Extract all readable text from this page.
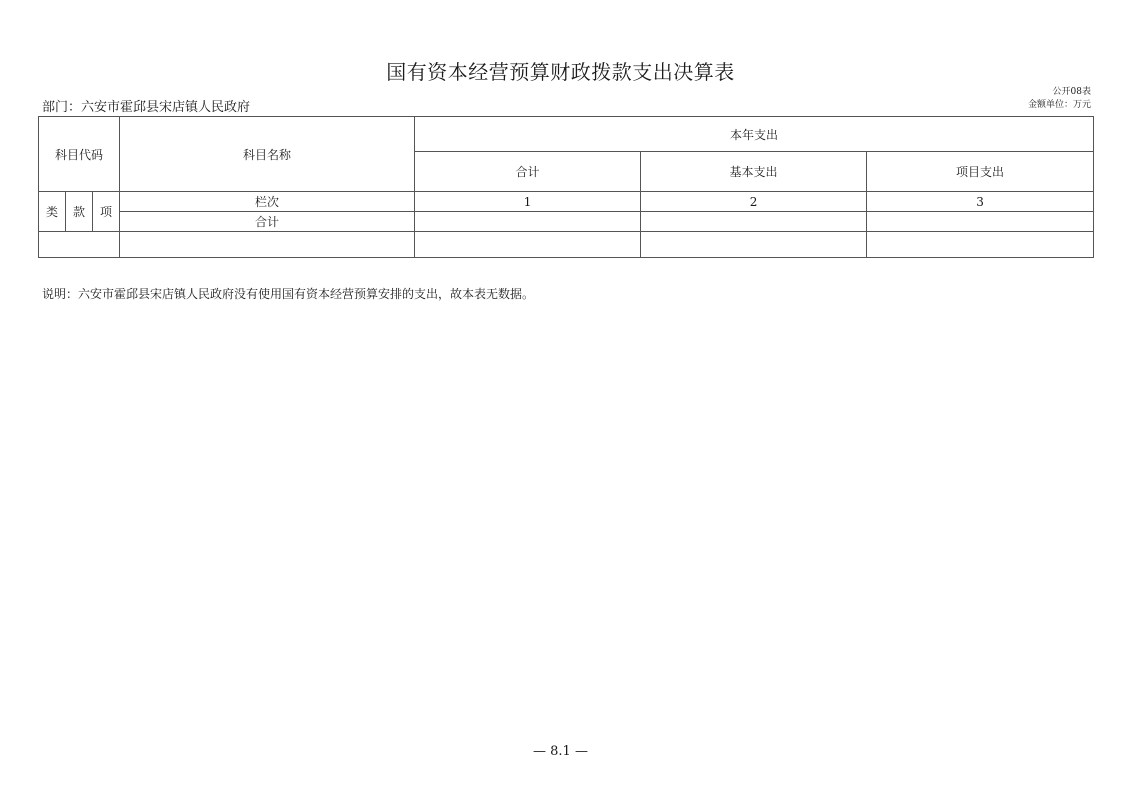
国有资本经营预算财政拨款支出决算表
部门：六安市霍邱县宋店镇人民政府
公开08表
金额单位：万元
科目代码			科目名称	本年支出		
				合计	基本支出	项目支出
类	款	项	栏次	1	2	3
			合计			

说明：六安市霍邱县宋店镇人民政府没有使用国有资本经营预算安排的支出，故本表无数据。
— 8.1 —
